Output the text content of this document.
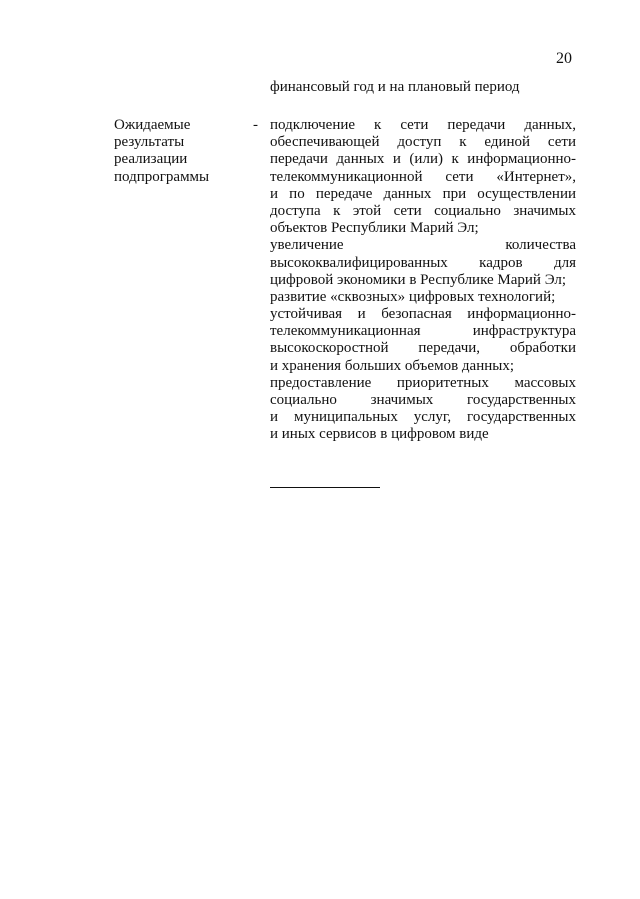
20
финансовый год и на плановый период
Ожидаемые
результаты
реализации
подпрограммы
- подключение к сети передачи данных,
обеспечивающей доступ к единой сети
передачи данных и (или) к информационно-
телекоммуникационной сети «Интернет»,
и по передаче данных при осуществлении
доступа к этой сети социально значимых
объектов Республики Марий Эл;
увеличение количества
высококвалифицированных кадров для
цифровой экономики в Республике Марий Эл;
развитие «сквозных» цифровых технологий;
устойчивая и безопасная информационно-
телекоммуникационная инфраструктура
высокоскоростной передачи, обработки
и хранения больших объемов данных;
предоставление приоритетных массовых
социально значимых государственных
и муниципальных услуг, государственных
и иных сервисов в цифровом виде
